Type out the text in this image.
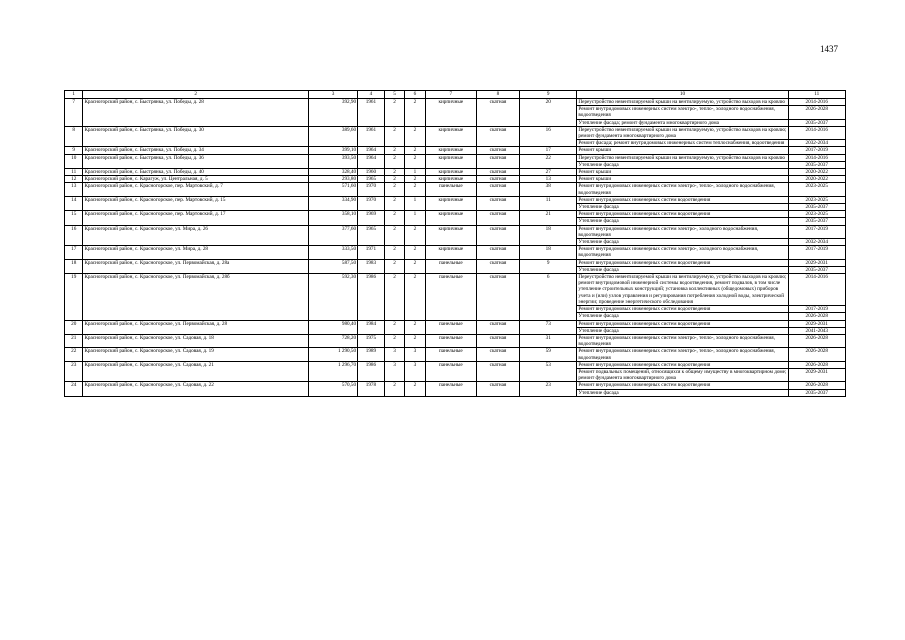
1437
1	2	3	4	5	6	7	8	9	10	11
7	Красногорский район, с. Быстрянка, ул. Победы, д. 28	392,90	1961	2	2	кирпичные	скатная	20	Переустройство невентилируемой крыши на вентилируемую, устройство выходов на кровлю	2014-2016
									Ремонт внутридомовых инженерных систем электро-, тепло-, холодного водоснабжения, водоотведения	2026-2028
									Утепление фасада; ремонт фундамента многоквартирного дома	2035-2037
8	Красногорский район, с. Быстрянка, ул. Победы, д. 30	389,60	1961	2	2	кирпичные	скатная	16	Переустройство невентилируемой крыши на вентилируемую, устройство выходов на кровлю; ремонт фундамента многоквартирного дома	2014-2016
									Ремонт фасада; ремонт внутридомовых инженерных систем теплоснабжения, водоотведения	2032-2034
9	Красногорский район, с. Быстрянка, ул. Победы, д. 34	399,10	1964	2	2	кирпичные	скатная	17	Ремонт крыши	2017-2019
10	Красногорский район, с. Быстрянка, ул. Победы, д. 36	393,50	1964	2	2	кирпичные	скатная	22	Переустройство невентилируемой крыши на вентилируемую, устройство выходов на кровлю	2014-2016
									Утепление фасада	2035-2037
11	Красногорский район, с. Быстрянка, ул. Победы, д. 40	328,40	1960	2	1	кирпичные	скатная	27	Ремонт крыши	2020-2022
12	Красногорский район, с. Карагуж, ул. Центральная, д. 5	293,80	1965	2	2	кирпичные	скатная	13	Ремонт крыши	2020-2022
13	Красногорский район, с. Красногорское, пер. Мартовский, д. 7	571,60	1970	2	2	панельные	скатная	38	Ремонт внутридомовых инженерных систем электро-, тепло-, холодного водоснабжения, водоотведения	2023-2025
14	Красногорский район, с. Красногорское, пер. Мартовский, д. 15	334,90	1970	2	1	кирпичные	скатная	11	Ремонт внутридомовых инженерных систем водоотведения	2023-2025
									Утепление фасада	2035-2037
15	Красногорский район, с. Красногорское, пер. Мартовский, д. 17	358,10	1969	2	1	кирпичные	скатная	21	Ремонт внутридомовых инженерных систем водоотведения	2023-2025
									Утепление фасада	2035-2037
16	Красногорский район, с. Красногорское, ул. Мира, д. 26	377,60	1965	2	2	кирпичные	скатная	18	Ремонт внутридомовых инженерных систем электро-, холодного водоснабжения, водоотведения	2017-2019
									Утепление фасада	2032-2034
17	Красногорский район, с. Красногорское, ул. Мира, д. 28	333,50	1971	2	2	кирпичные	скатная	18	Ремонт внутридомовых инженерных систем электро-, холодного водоснабжения, водоотведения	2017-2019
18	Красногорский район, с. Красногорское, ул. Первомайская, д. 28а	587,50	1983	2	2	панельные	скатная	9	Ремонт внутридомовых инженерных систем водоотведения	2029-2031
									Утепление фасада	2035-2037
19	Красногорский район, с. Красногорское, ул. Первомайская, д. 28б	592,30	1986	2	2	панельные	скатная	6	Переустройство невентилируемой крыши на вентилируемую, устройство выходов на кровлю; ремонт внутридомовой инженерной системы водоотведения, ремонт подвалов, в том числе утепление строительных конструкций; установка коллективных (общедомовых) приборов учета и (или) узлов управления и регулирования потребления холодной воды, электрической энергии; проведение энергетического обследования	2014-2016
									Ремонт внутридомовых инженерных систем водоотведения	2017-2019
									Утепление фасада	2026-2028
20	Красногорский район, с. Красногорское, ул. Первомайская, д. 28	980,40	1984	2	2	панельные	скатная	73	Ремонт внутридомовых инженерных систем водоотведения	2029-2031
									Утепление фасада	2041-2043
21	Красногорский район, с. Красногорское, ул. Садовая, д. 18	728,20	1975	2	2	панельные	скатная	31	Ремонт внутридомовых инженерных систем электро-, тепло-, холодного водоснабжения, водоотведения	2026-2028
22	Красногорский район, с. Красногорское, ул. Садовая, д. 19	1 290,50	1989	3	3	панельные	скатная	59	Ремонт внутридомовых инженерных систем электро-, тепло-, холодного водоснабжения, водоотведения	2026-2028
23	Красногорский район, с. Красногорское, ул. Садовая, д. 21	1 296,70	1986	3	3	панельные	скатная	53	Ремонт внутридомовых инженерных систем водоотведения	2026-2028
									Ремонт подвальных помещений, относящихся к общему имуществу в многоквартирном доме; ремонт фундамента многоквартирного дома	2029-2031
24	Красногорский район, с. Красногорское, ул. Садовая, д. 22	570,50	1978	2	2	панельные	скатная	23	Ремонт внутридомовых инженерных систем водоотведения	2026-2028
									Утепление фасада	2035-2037
